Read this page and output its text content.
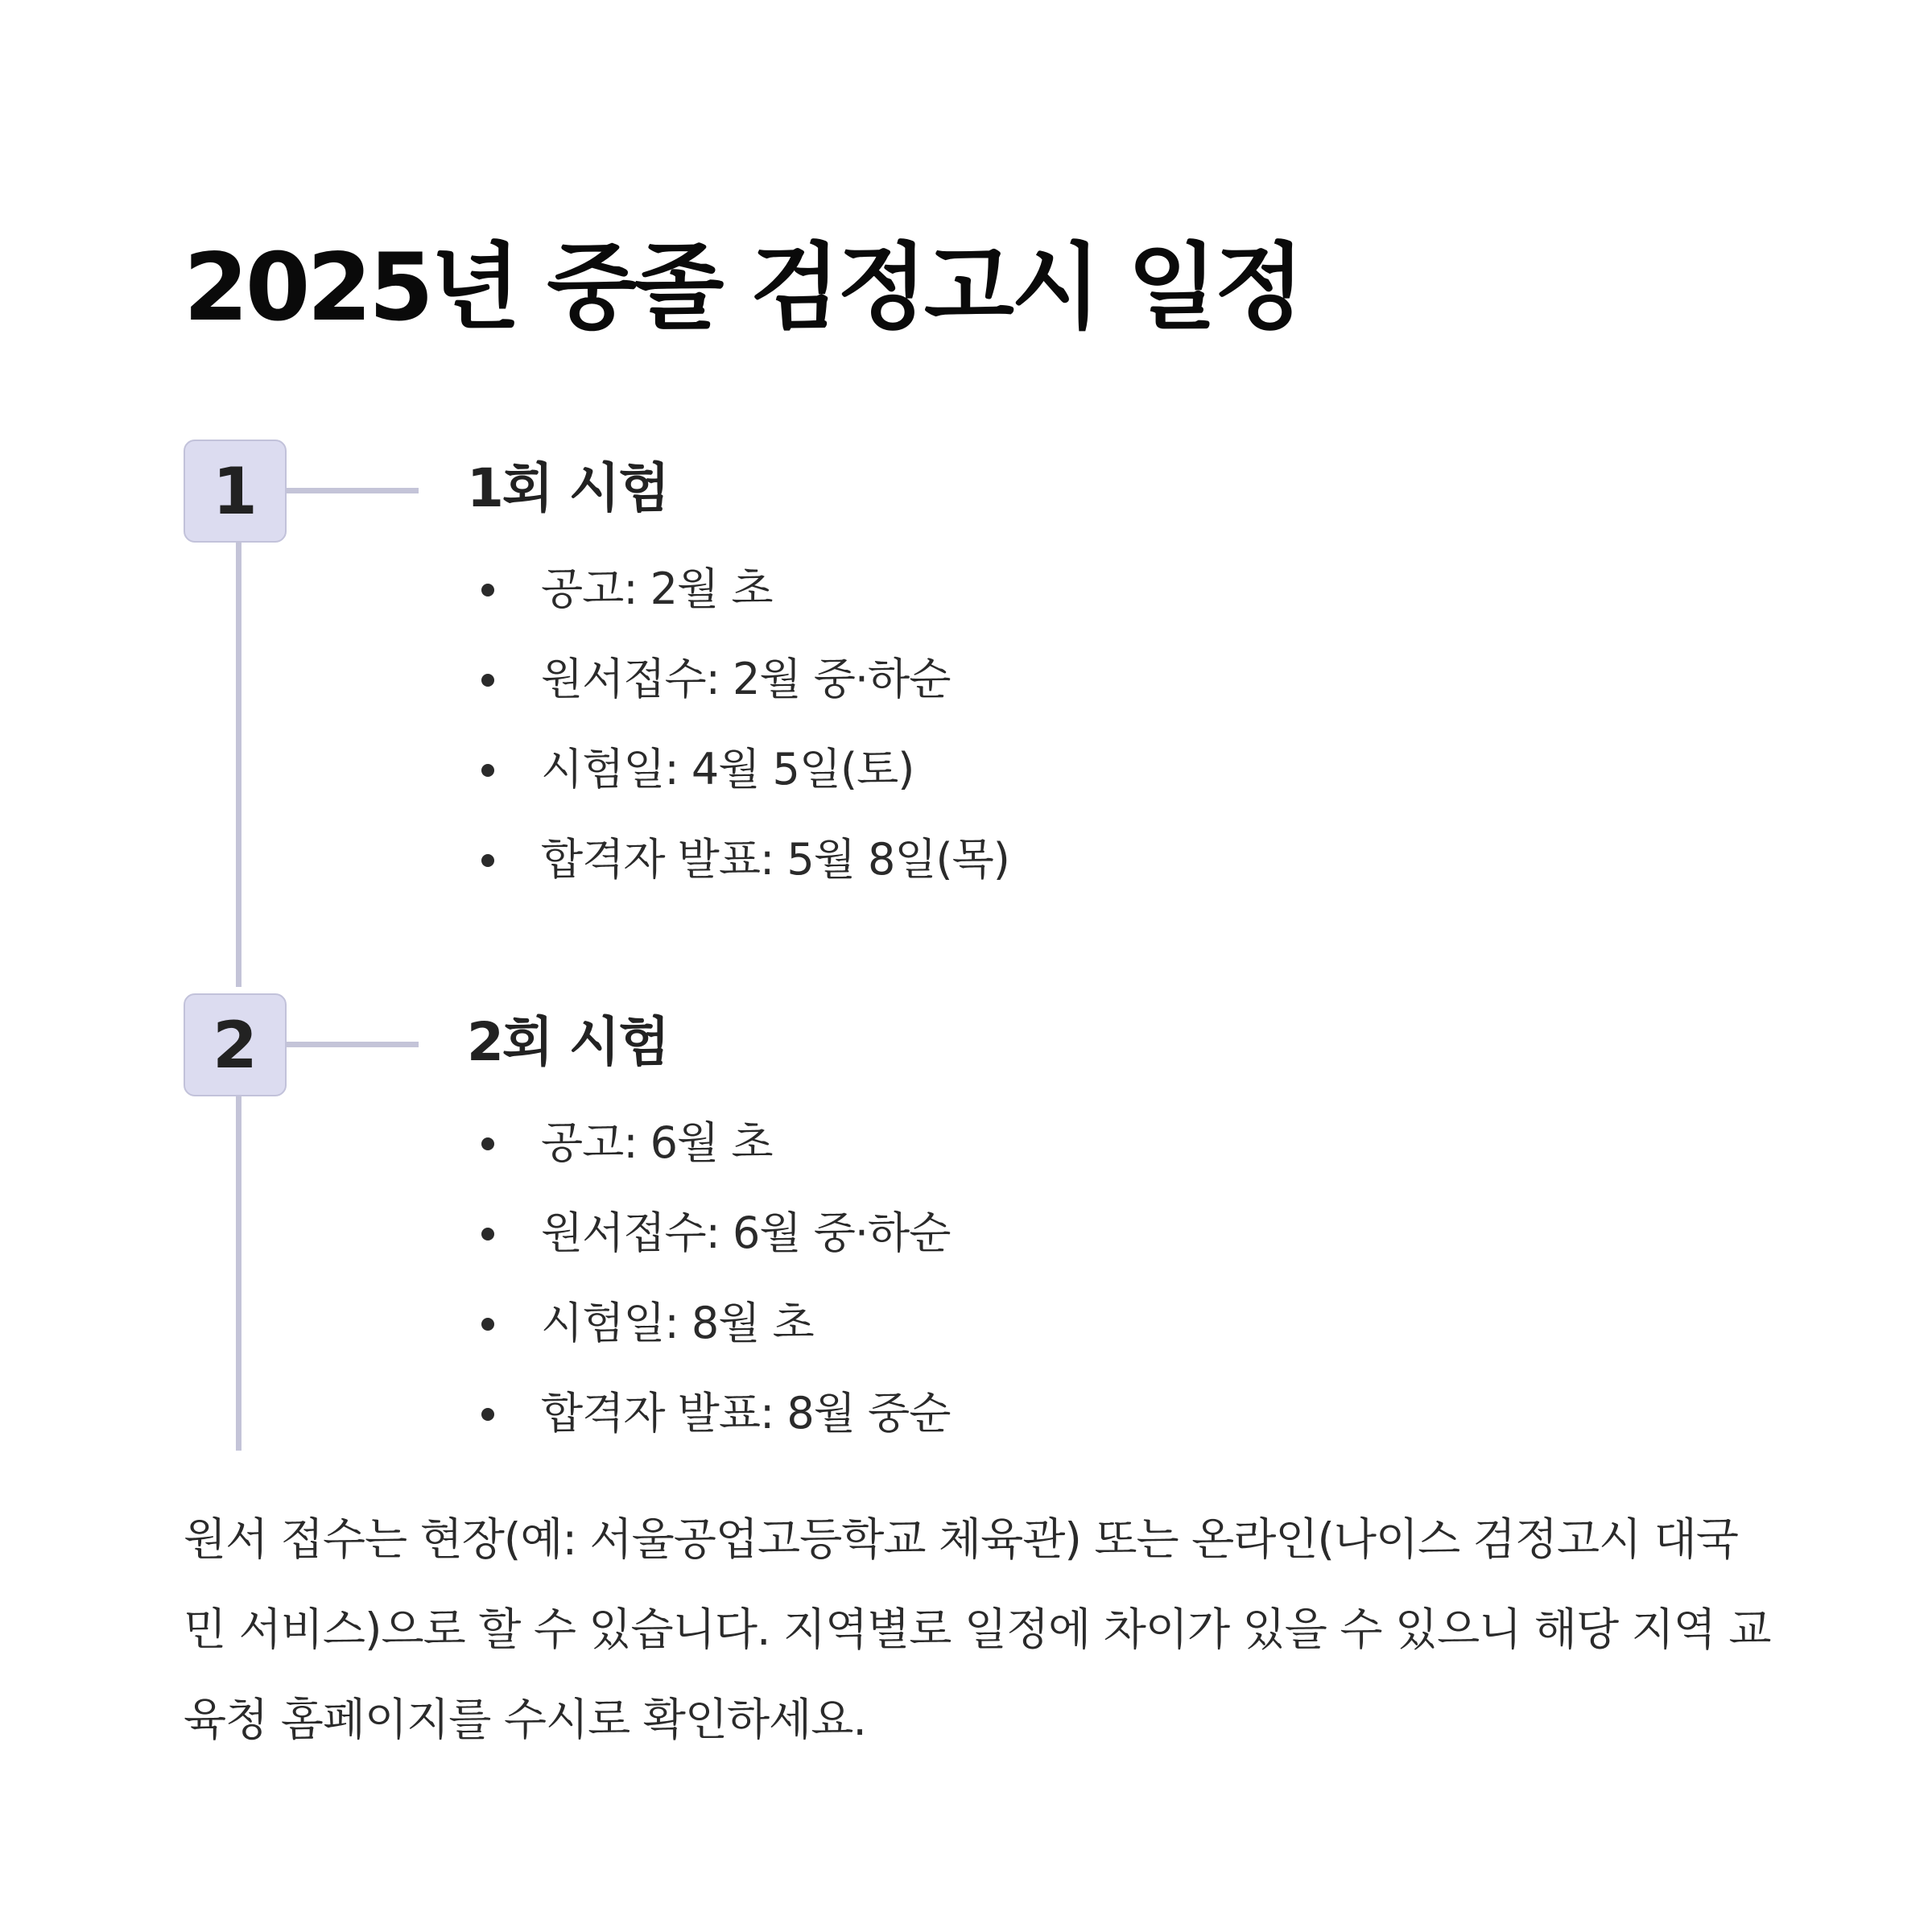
2025년 중졸 검정고시 일정
1	1회 시험
공고: 2월 초
원서접수: 2월 중·하순
시험일: 4월 5일(토)
합격자 발표: 5월 8일(목)
2	2회 시험
공고: 6월 초
원서접수: 6월 중·하순
시험일: 8월 초
합격자 발표: 8월 중순

원서 접수는 현장(예: 서울공업고등학교 체육관) 또는 온라인(나이스 검정고시 대국민 서비스)으로 할 수 있습니다. 지역별로 일정에 차이가 있을 수 있으니 해당 지역 교육청 홈페이지를 수시로 확인하세요.
